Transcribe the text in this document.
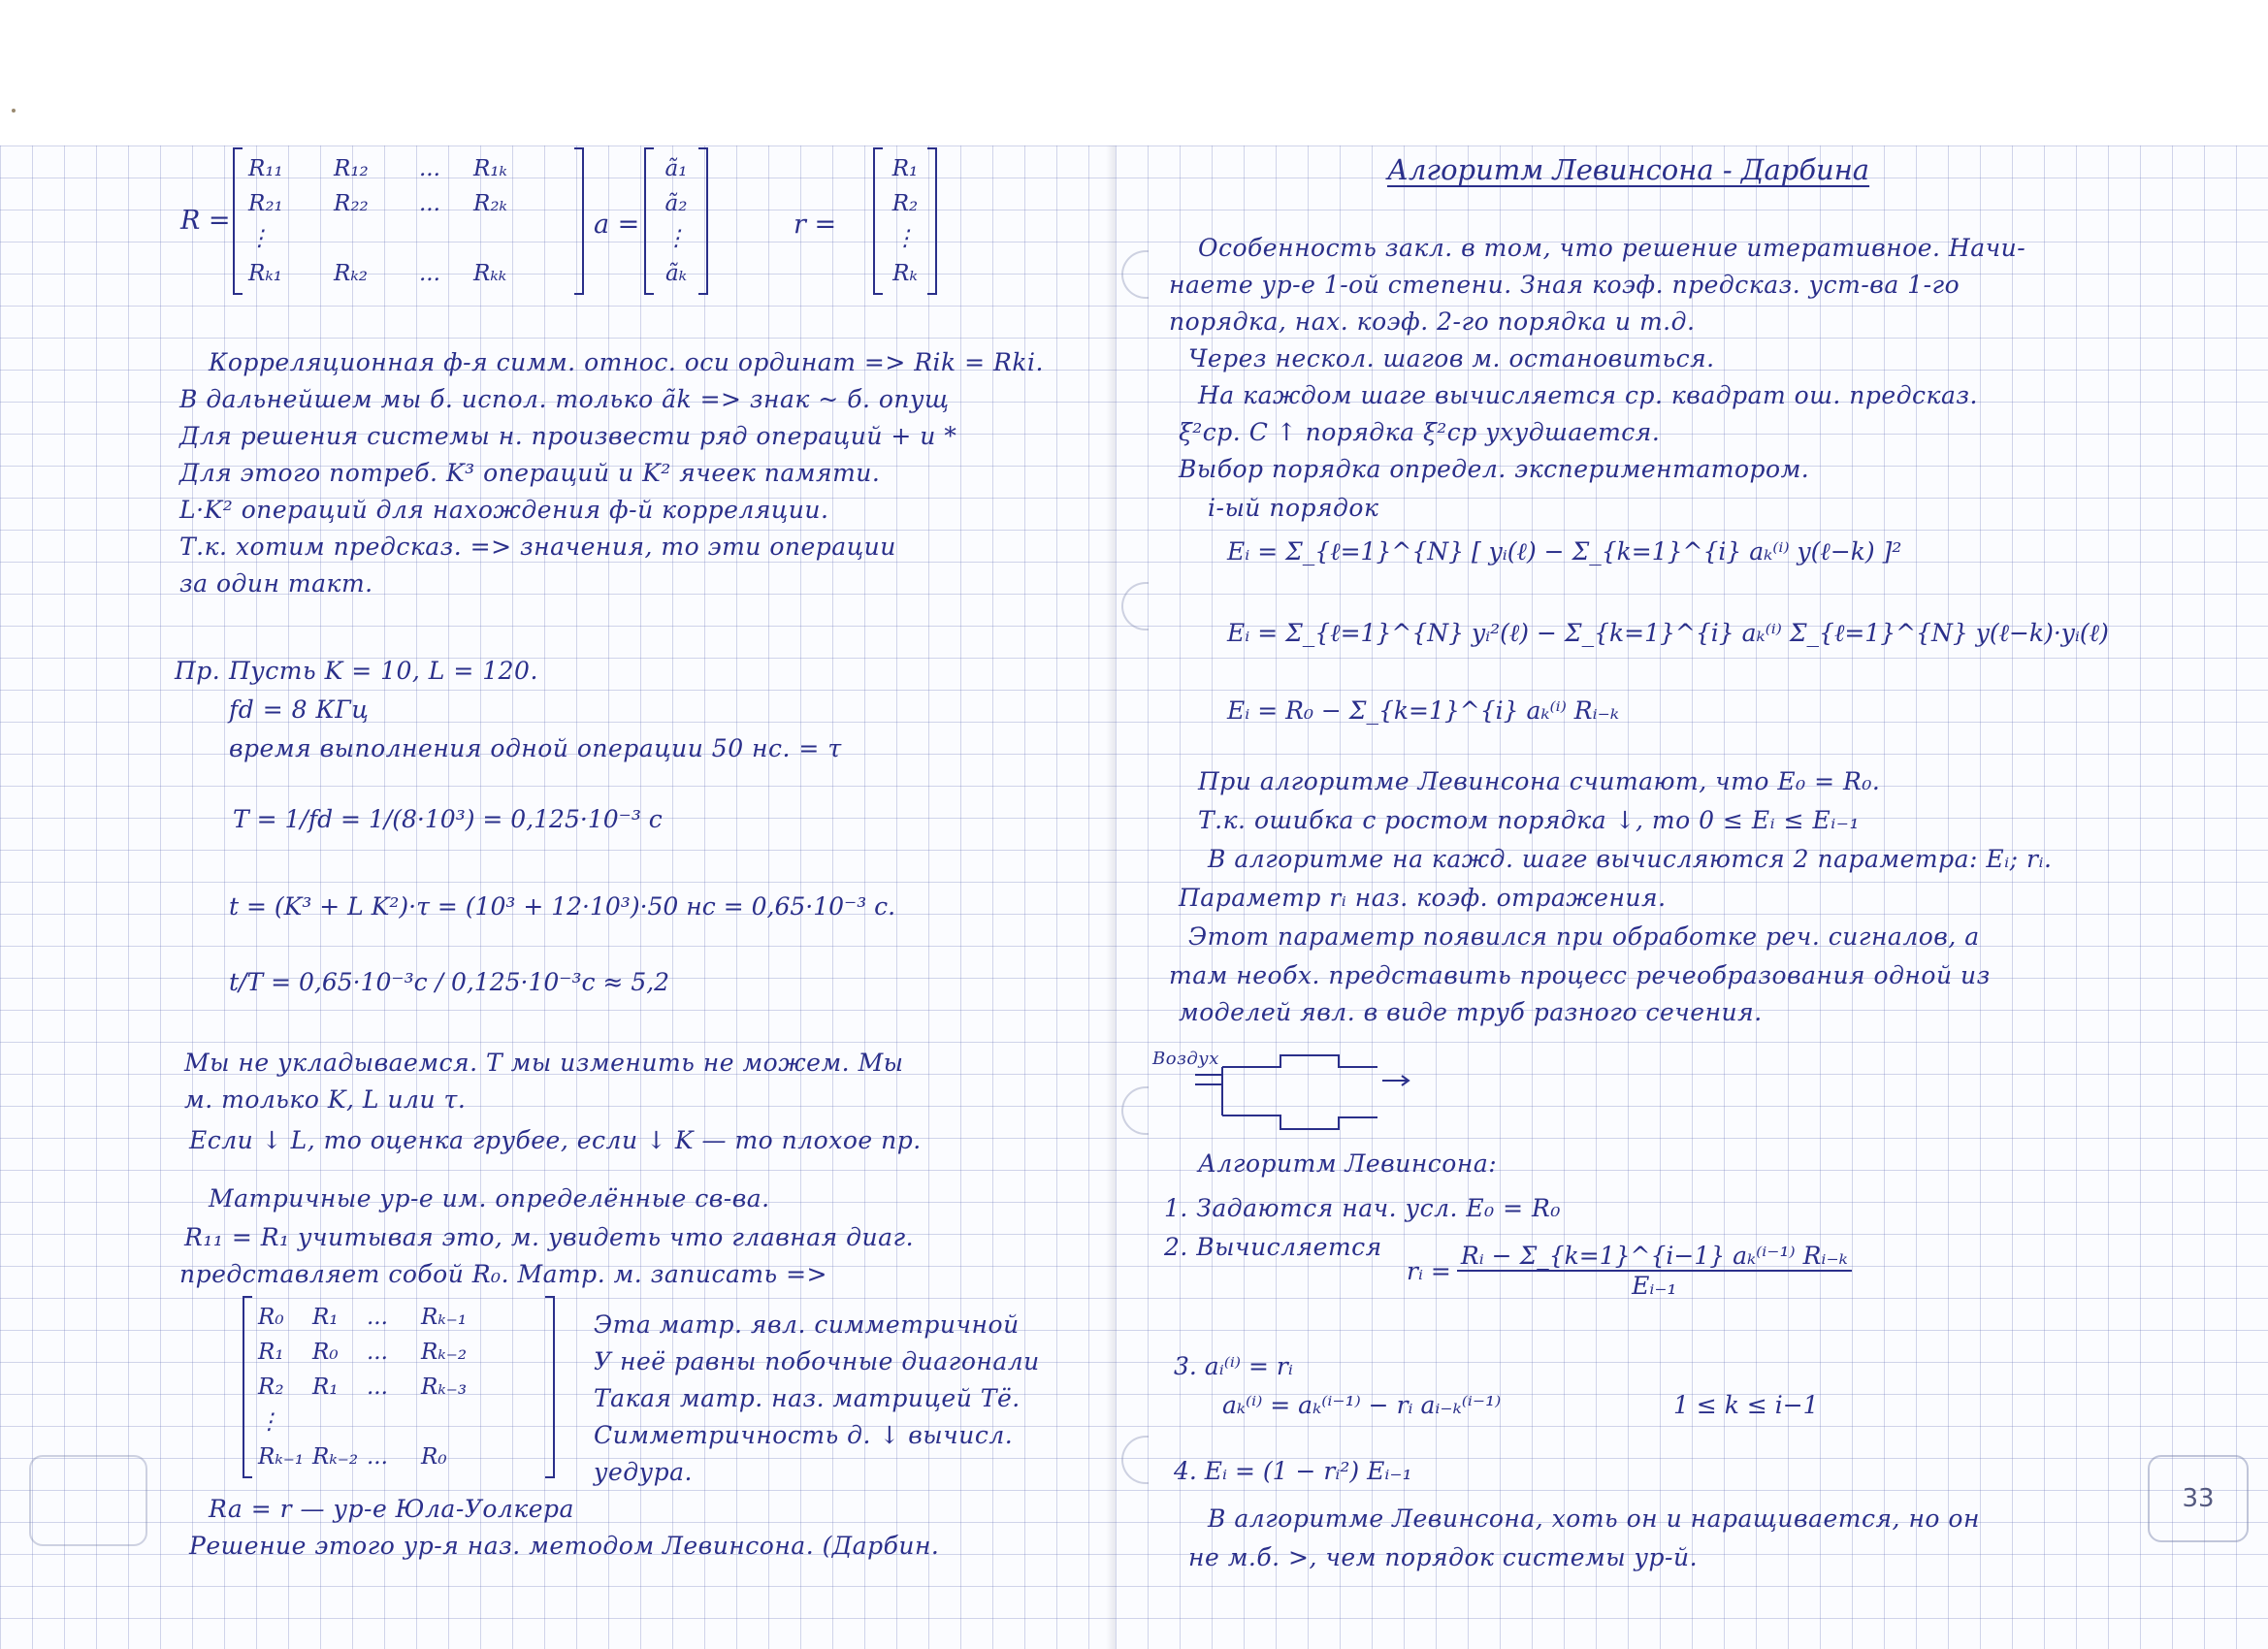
R =
R₁₁	R₁₂	...	R₁ₖ
R₂₁	R₂₂	...	R₂ₖ
⋮
Rₖ₁	Rₖ₂	...	Rₖₖ
a =
ã₁
ã₂
⋮
ãₖ
r =
R₁
R₂
⋮
Rₖ
Корреляционная ф-я симм. относ. оси ординат => Rik = Rki.
В дальнейшем мы б. испол. только ãk => знак ~ б. опущ
Для решения системы н. произвести ряд операций + и *
Для этого потреб. K³ операций и K² ячеек памяти.
L·K² операций для нахождения ф-й корреляции.
Т.к. хотим предсказ. => значения, то эти операции
за один такт.
Пр. Пусть K = 10, L = 120.
fd = 8 КГц
время выполнения одной операции 50 нс. = τ
T = 1/fd = 1/(8·10³) = 0,125·10⁻³ с
t = (K³ + L K²)·τ = (10³ + 12·10³)·50 нс = 0,65·10⁻³ с.
t/T = 0,65·10⁻³с / 0,125·10⁻³с ≈ 5,2
Мы не укладываемся. T мы изменить не можем. Мы
м. только K, L или τ.
Если ↓ L, то оценка грубее, если ↓ K — то плохое пр.
Матричные ур-е им. определённые св-ва.
R₁₁ = R₁ учитывая это, м. увидеть что главная диаг.
представляет собой R₀. Матр. м. записать =>
R₀	R₁	...	Rₖ₋₁
R₁	R₀	...	Rₖ₋₂
R₂	R₁	...	Rₖ₋₃
⋮
Rₖ₋₁ Rₖ₋₂ ...	R₀
Эта матр. явл. симметричной
У неё равны побочные диагонали
Такая матр. наз. матрицей Тё.
Симметричность д. ↓ вычисл.
уедура.
Ra = r — ур-е Юла-Уолкера
Решение этого ур-я наз. методом Левинсона. (Дарбин.
Алгоритм Левинсона - Дарбина
Особенность закл. в том, что решение итеративное. Начи-
наете ур-е 1-ой степени. Зная коэф. предсказ. уст-ва 1-го
порядка, нах. коэф. 2-го порядка и т.д.
Через нескол. шагов м. остановиться.
На каждом шаге вычисляется ср. квадрат ош. предсказ.
ξ²ср. С ↑ порядка ξ²ср ухудшается.
Выбор порядка определ. экспериментатором.
i-ый порядок
Eᵢ = Σ_{ℓ=1}^{N} [ yᵢ(ℓ) − Σ_{k=1}^{i} aₖ⁽ⁱ⁾ y(ℓ−k) ]²
Eᵢ = Σ_{ℓ=1}^{N} yᵢ²(ℓ) − Σ_{k=1}^{i} aₖ⁽ⁱ⁾ Σ_{ℓ=1}^{N} y(ℓ−k)·yᵢ(ℓ)
Eᵢ = R₀ − Σ_{k=1}^{i} aₖ⁽ⁱ⁾ Rᵢ₋ₖ
При алгоритме Левинсона считают, что E₀ = R₀.
Т.к. ошибка с ростом порядка ↓, то 0 ≤ Eᵢ ≤ Eᵢ₋₁
В алгоритме на кажд. шаге вычисляются 2 параметра: Eᵢ; rᵢ.
Параметр rᵢ наз. коэф. отражения.
Этот параметр появился при обработке реч. сигналов, а
там необх. представить процесс речеобразования одной из
моделей явл. в виде труб разного сечения.
Воздух
Алгоритм Левинсона:
1. Задаются нач. усл. E₀ = R₀
2. Вычисляется
rᵢ = $\frac{\text{Rᵢ − Σ\_\{k=1\}\textasciicircum{}\{i−1\} aₖ⁽ⁱ⁻¹⁾ Rᵢ₋ₖ}}{\text{Eᵢ₋₁}}$
3. aᵢ⁽ⁱ⁾ = rᵢ
aₖ⁽ⁱ⁾ = aₖ⁽ⁱ⁻¹⁾ − rᵢ aᵢ₋ₖ⁽ⁱ⁻¹⁾	1 ≤ k ≤ i−1
4. Eᵢ = (1 − rᵢ²) Eᵢ₋₁
В алгоритме Левинсона, хоть он и наращивается, но он
не м.б. >, чем порядок системы ур-й.
33
